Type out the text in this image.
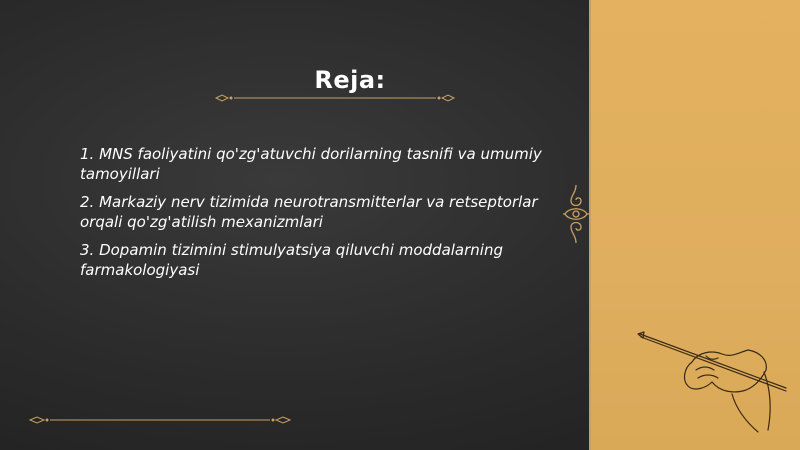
Reja:
1. MNS faoliyatini qo'zg'atuvchi dorilarning tasnifi va umumiy tamoyillari
2. Markaziy nerv tizimida neurotransmitterlar va retseptorlar orqali qo'zg'atilish mexanizmlari
3. Dopamin tizimini stimulyatsiya qiluvchi moddalarning farmakologiyasi
